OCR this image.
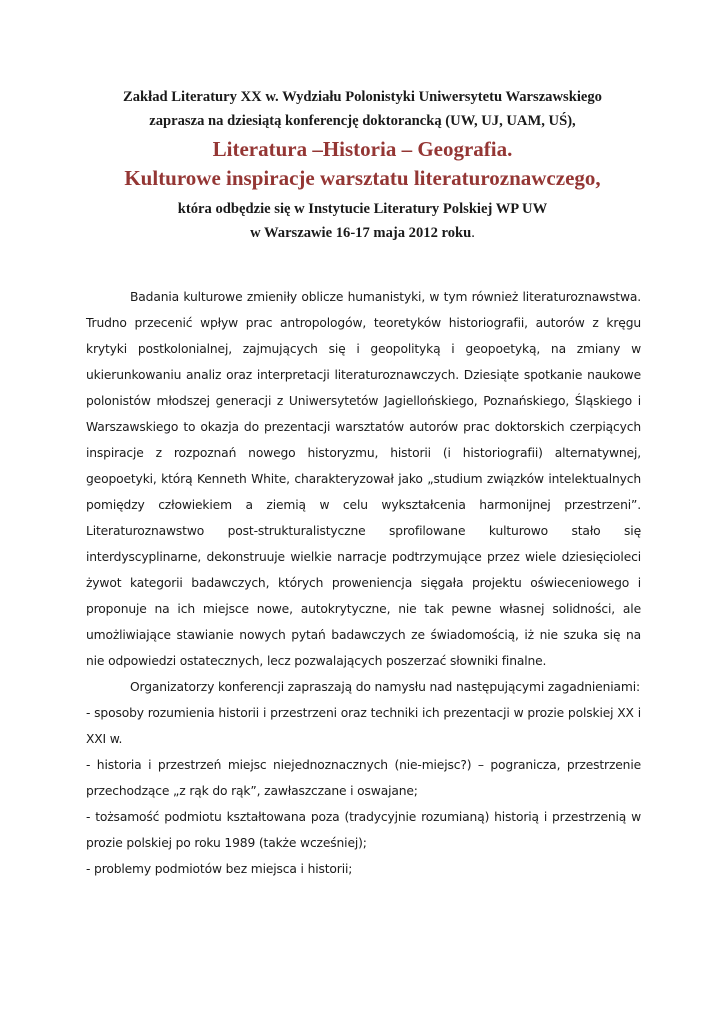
Zakład Literatury XX w. Wydziału Polonistyki Uniwersytetu Warszawskiego
zaprasza na dziesiątą konferencję doktorancką (UW, UJ, UAM, UŚ),
Literatura –Historia – Geografia.
Kulturowe inspiracje warsztatu literaturoznawczego,
która odbędzie się w Instytucie Literatury Polskiej WP UW
w Warszawie 16-17 maja 2012 roku.

Badania kulturowe zmieniły oblicze humanistyki, w tym również literaturoznawstwa. Trudno przecenić wpływ prac antropologów, teoretyków historiografii, autorów z kręgu krytyki postkolonialnej, zajmujących się i geopolityką i geopoetyką, na zmiany w ukierunkowaniu analiz oraz interpretacji literaturoznawczych. Dziesiąte spotkanie naukowe polonistów młodszej generacji z Uniwersytetów Jagiellońskiego, Poznańskiego, Śląskiego i Warszawskiego to okazja do prezentacji warsztatów autorów prac doktorskich czerpiących inspiracje z rozpoznań nowego historyzmu, historii (i historiografii) alternatywnej, geopoetyki, którą Kenneth White, charakteryzował jako „studium związków intelektualnych pomiędzy człowiekiem a ziemią w celu wykształcenia harmonijnej przestrzeni”. Literaturoznawstwo post-strukturalistyczne sprofilowane kulturowo stało się interdyscyplinarne, dekonstruuje wielkie narracje podtrzymujące przez wiele dziesięcioleci żywot kategorii badawczych, których proweniencja sięgała projektu oświeceniowego i proponuje na ich miejsce nowe, autokrytyczne, nie tak pewne własnej solidności, ale umożliwiające stawianie nowych pytań badawczych ze świadomością, iż nie szuka się na nie odpowiedzi ostatecznych, lecz pozwalających poszerzać słowniki finalne.

Organizatorzy konferencji zapraszają do namysłu nad następującymi zagadnieniami:

- sposoby rozumienia historii i przestrzeni oraz techniki ich prezentacji w prozie polskiej XX i XXI w.

- historia i przestrzeń miejsc niejednoznacznych (nie-miejsc?) – pogranicza, przestrzenie przechodzące „z rąk do rąk”, zawłaszczane i oswajane;

- tożsamość podmiotu kształtowana poza (tradycyjnie rozumianą) historią i przestrzenią w prozie polskiej po roku 1989 (także wcześniej);

- problemy podmiotów bez miejsca i historii;
